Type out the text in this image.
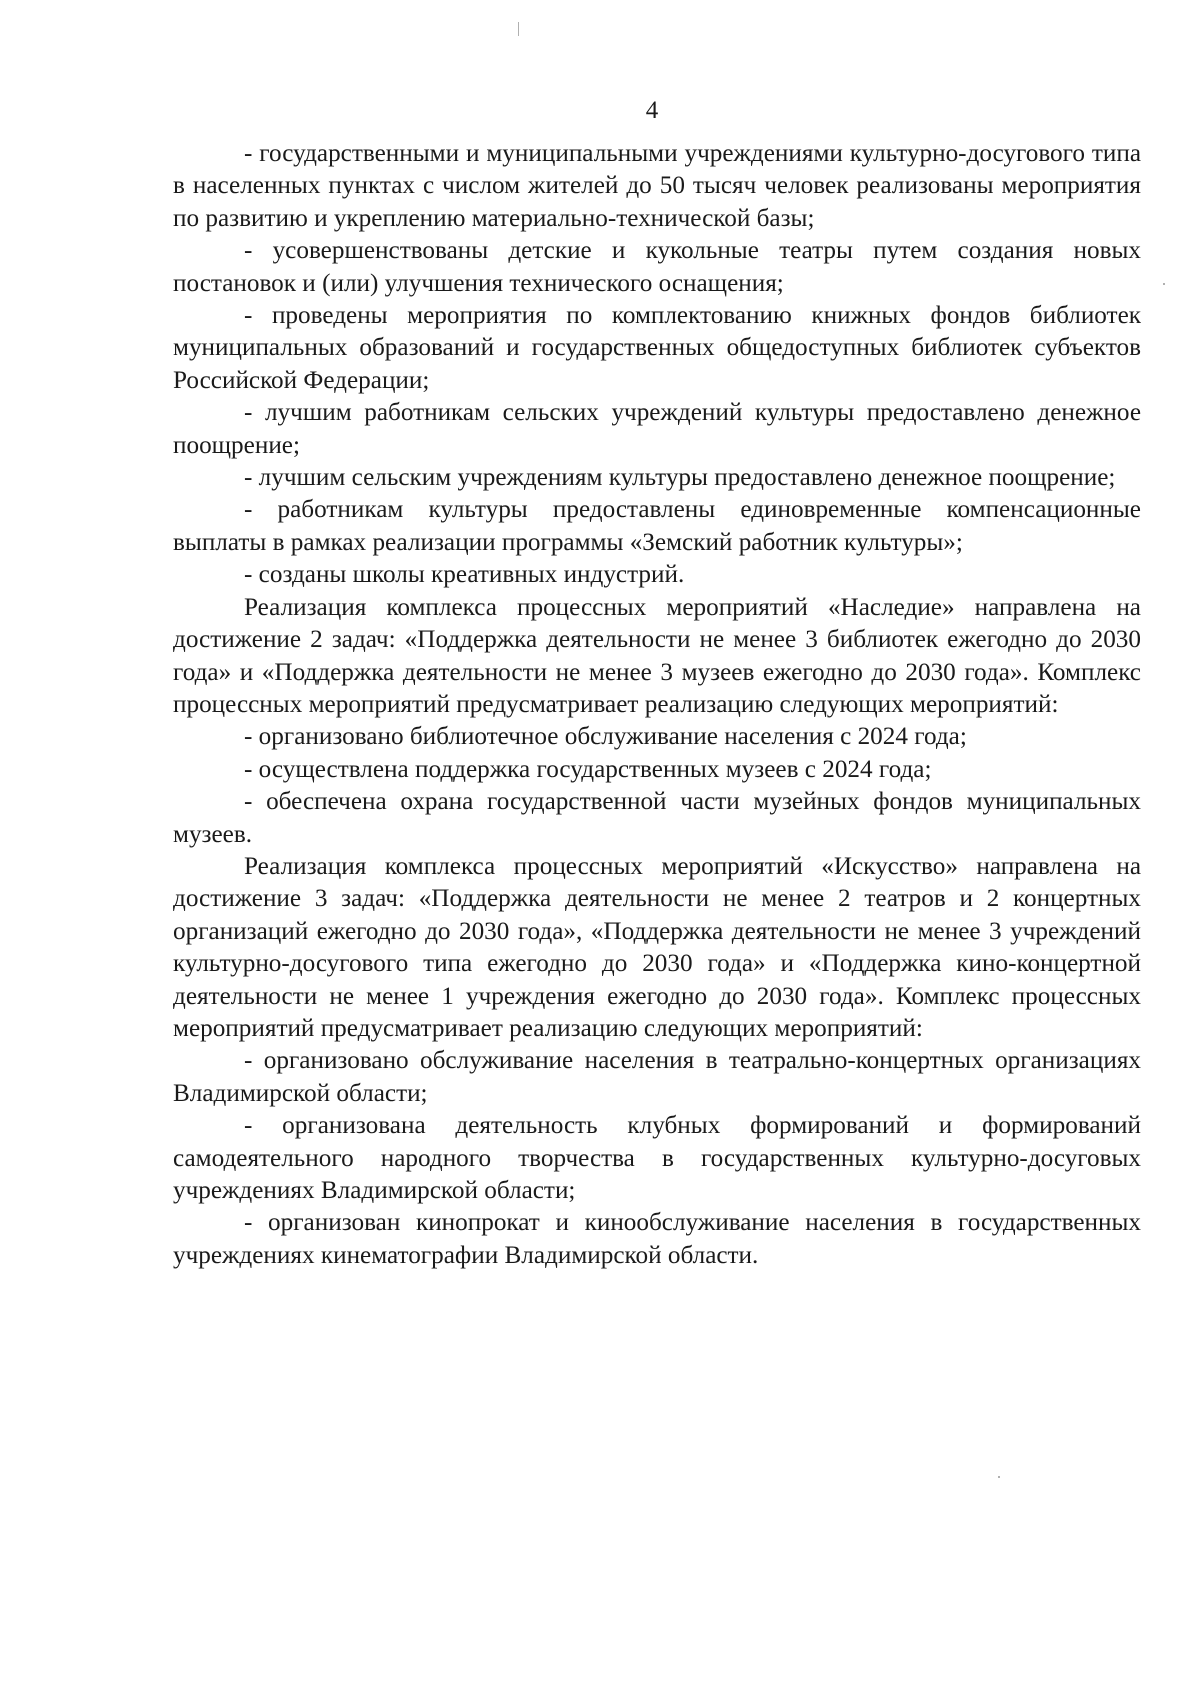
4

- государственными и муниципальными учреждениями культурно-досугового типа в населенных пунктах с числом жителей до 50 тысяч человек реализованы мероприятия по развитию и укреплению материально-технической базы;

- усовершенствованы детские и кукольные театры путем создания новых постановок и (или) улучшения технического оснащения;

- проведены мероприятия по комплектованию книжных фондов библиотек муниципальных образований и государственных общедоступных библиотек субъектов Российской Федерации;

- лучшим работникам сельских учреждений культуры предоставлено денежное поощрение;

- лучшим сельским учреждениям культуры предоставлено денежное поощрение;

- работникам культуры предоставлены единовременные компенсационные выплаты в рамках реализации программы «Земский работник культуры»;

- созданы школы креативных индустрий.

Реализация комплекса процессных мероприятий «Наследие» направлена на достижение 2 задач: «Поддержка деятельности не менее 3 библиотек ежегодно до 2030 года» и «Поддержка деятельности не менее 3 музеев ежегодно до 2030 года». Комплекс процессных мероприятий предусматривает реализацию следующих мероприятий:

- организовано библиотечное обслуживание населения с 2024 года;

- осуществлена поддержка государственных музеев с 2024 года;

- обеспечена охрана государственной части музейных фондов муниципальных музеев.

Реализация комплекса процессных мероприятий «Искусство» направлена на достижение 3 задач: «Поддержка деятельности не менее 2 театров и 2 концертных организаций ежегодно до 2030 года», «Поддержка деятельности не менее 3 учреждений культурно-досугового типа ежегодно до 2030 года» и «Поддержка кино-концертной деятельности не менее 1 учреждения ежегодно до 2030 года». Комплекс процессных мероприятий предусматривает реализацию следующих мероприятий:

- организовано обслуживание населения в театрально-концертных организациях Владимирской области;

- организована деятельность клубных формирований и формирований самодеятельного народного творчества в государственных культурно-досуговых учреждениях Владимирской области;

- организован кинопрокат и кинообслуживание населения в государственных учреждениях кинематографии Владимирской области.
